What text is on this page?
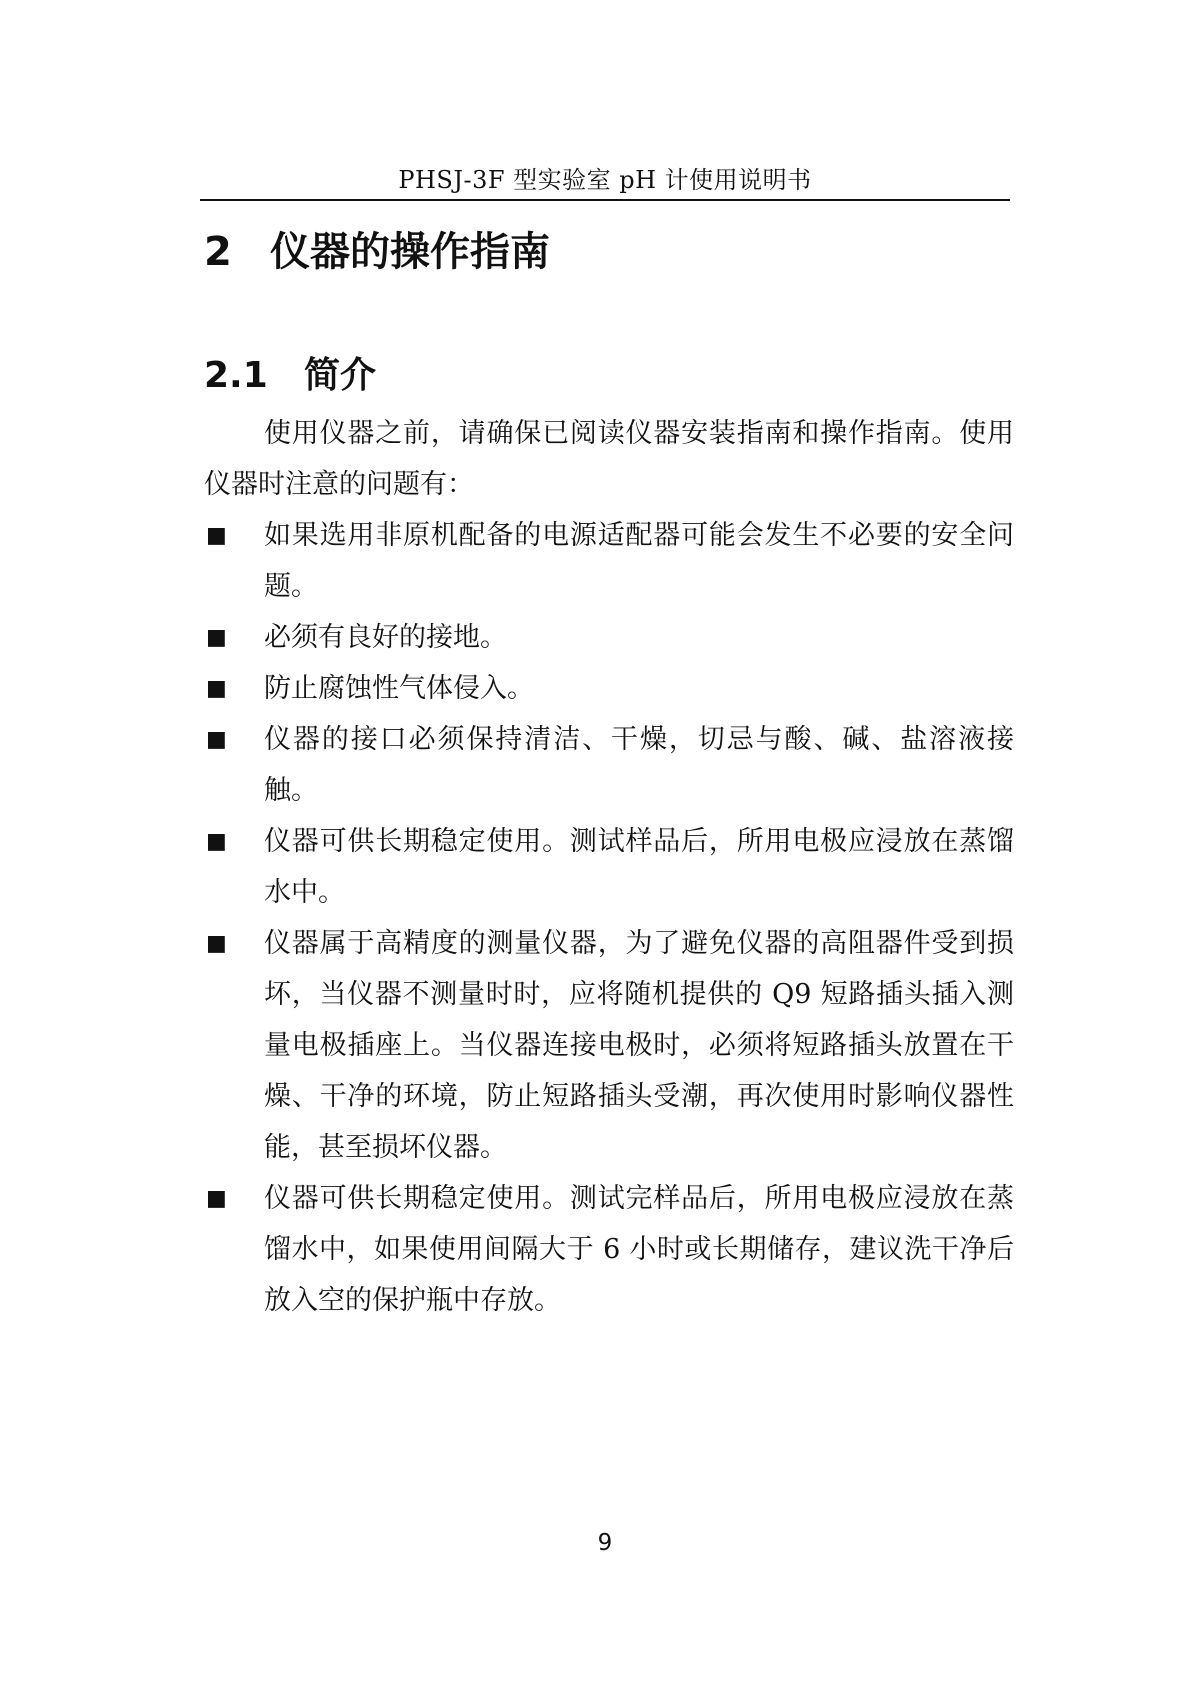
PHSJ-3F 型实验室 pH 计使用说明书
2 仪器的操作指南
2.1 简介

使用仪器之前，请确保已阅读仪器安装指南和操作指南。使用仪器时注意的问题有：

■	如果选用非原机配备的电源适配器可能会发生不必要的安全问题。
■	必须有良好的接地。
■	防止腐蚀性气体侵入。
■	仪器的接口必须保持清洁、干燥，切忌与酸、碱、盐溶液接触。
■	仪器可供长期稳定使用。测试样品后，所用电极应浸放在蒸馏水中。
■	仪器属于高精度的测量仪器，为了避免仪器的高阻器件受到损坏，当仪器不测量时时，应将随机提供的 Q9 短路插头插入测量电极插座上。当仪器连接电极时，必须将短路插头放置在干燥、干净的环境，防止短路插头受潮，再次使用时影响仪器性能，甚至损坏仪器。
■	仪器可供长期稳定使用。测试完样品后，所用电极应浸放在蒸馏水中，如果使用间隔大于 6 小时或长期储存，建议洗干净后放入空的保护瓶中存放。
9
